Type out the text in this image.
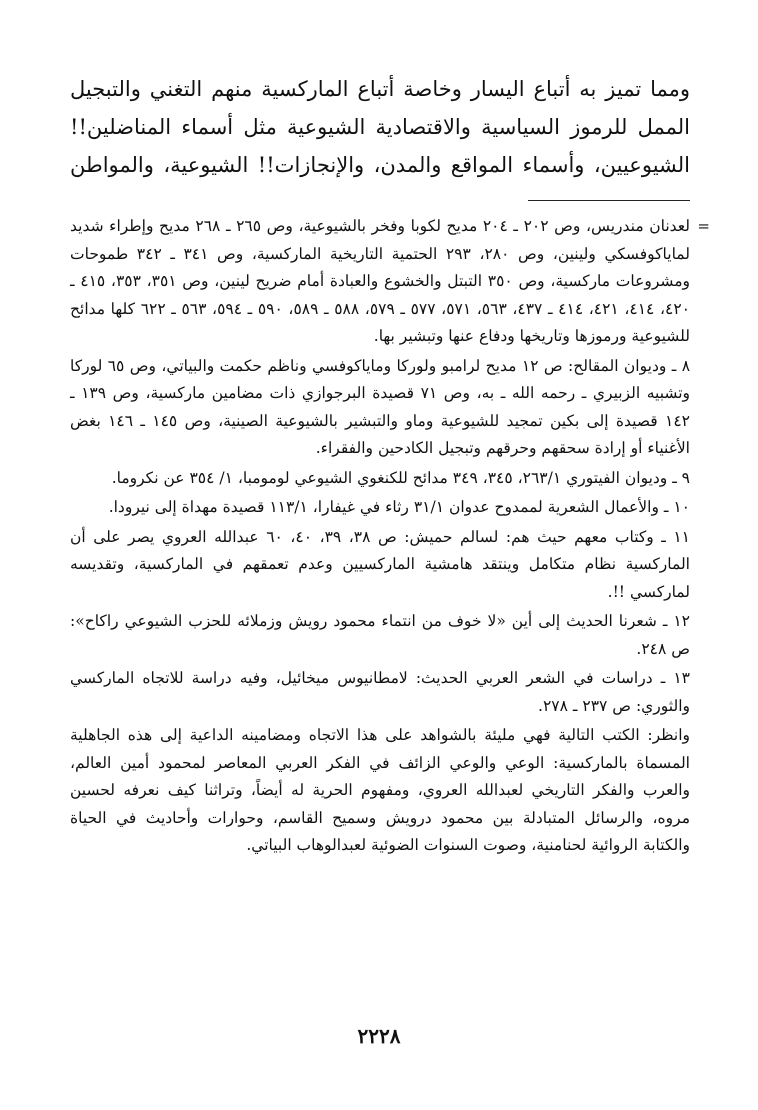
ومما تميز به أتباع اليسار وخاصة أتباع الماركسية منهم التغني والتبجيل

الممل للرموز السياسية والاقتصادية الشيوعية مثل أسماء المناضلين!!

الشيوعيين، وأسماء المواقع والمدن، والإنجازات!! الشيوعية، والمواطن

=
لعدنان مندريس، وص ٢٠٢ ـ ٢٠٤ مديح لكوبا وفخر بالشيوعية، وص ٢٦٥ ـ ٢٦٨ مديح وإطراء شديد لماياكوفسكي ولينين، وص ٢٨٠، ٢٩٣ الحتمية التاريخية الماركسية، وص ٣٤١ ـ ٣٤٢ طموحات ومشروعات ماركسية، وص ٣٥٠ التبتل والخشوع والعبادة أمام ضريح لينين، وص ٣٥١، ٣٥٣، ٤١٥ ـ ٤٢٠، ٤١٤، ٤٢١، ٤١٤ ـ ٤٣٧، ٥٦٣، ٥٧١، ٥٧٧ ـ ٥٧٩، ٥٨٨ ـ ٥٨٩، ٥٩٠ ـ ٥٩٤، ٥٦٣ ـ ٦٢٢ كلها مدائح للشيوعية ورموزها وتاريخها ودفاع عنها وتبشير بها.

٨ ـ وديوان المقالح: ص ١٢ مديح لرامبو ولوركا وماياكوفسي وناظم حكمت والبياتي، وص ٦٥ لوركا وتشبيه الزبيري ـ رحمه الله ـ به، وص ٧١ قصيدة البرجوازي ذات مضامين ماركسية، وص ١٣٩ ـ ١٤٢ قصيدة إلى بكين تمجيد للشيوعية وماو والتبشير بالشيوعية الصينية، وص ١٤٥ ـ ١٤٦ بغض الأغنياء أو إرادة سحقهم وحرقهم وتبجيل الكادحين والفقراء.

٩ ـ وديوان الفيتوري ٢٦٣/١، ٣٤٥، ٣٤٩ مدائح للكنغوي الشيوعي لومومبا، ١/ ٣٥٤ عن نكروما.

١٠ ـ والأعمال الشعرية لممدوح عدوان ٣١/١ رثاء في غيفارا، ١١٣/١ قصيدة مهداة إلى نيرودا.

١١ ـ وكتاب معهم حيث هم: لسالم حميش: ص ٣٨، ٣٩، ٤٠، ٦٠ عبدالله العروي يصر على أن الماركسية نظام متكامل وينتقد هامشية الماركسيين وعدم تعمقهم في الماركسية، وتقديسه لماركسي !!.

١٢ ـ شعرنا الحديث إلى أين «لا خوف من انتماء محمود رويش وزملائه للحزب الشيوعي راكاح»: ص ٢٤٨.

١٣ ـ دراسات في الشعر العربي الحديث: لامطانيوس ميخائيل، وفيه دراسة للاتجاه الماركسي والثوري: ص ٢٣٧ ـ ٢٧٨.

وانظر: الكتب التالية فهي مليئة بالشواهد على هذا الاتجاه ومضامينه الداعية إلى هذه الجاهلية المسماة بالماركسية: الوعي والوعي الزائف في الفكر العربي المعاصر لمحمود أمين العالم، والعرب والفكر التاريخي لعبدالله العروي، ومفهوم الحرية له أيضاً، وتراثنا كيف نعرفه لحسين مروه، والرسائل المتبادلة بين محمود درويش وسميح القاسم، وحوارات وأحاديث في الحياة والكتابة الروائية لحنامنية، وصوت السنوات الضوئية لعبدالوهاب البياتي.

٢٢٢٨
